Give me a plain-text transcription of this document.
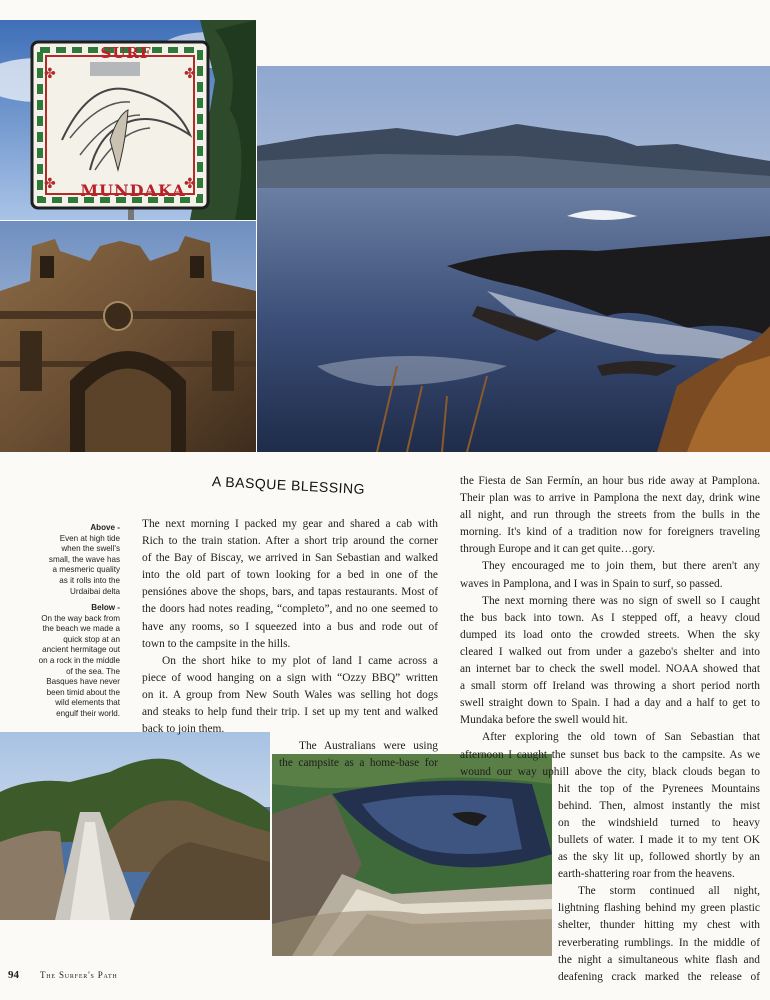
✤	✤
✤	✤
SURF
MUNDAKA
A BASQUE BLESSING
Above -
Even at high tide
when the swell's
small, the wave has
a mesmeric quality
as it rolls into the
Urdaibai delta
Below -
On the way back from
the beach we made a
quick stop at an
ancient hermitage out
on a rock in the middle
of the sea. The
Basques have never
been timid about the
wild elements that
engulf their world.
The next morning I packed my gear and shared a cab with
Rich to the train station. After a short trip around the corner
of the Bay of Biscay, we arrived in San Sebastian and walked
into the old part of town looking for a bed in one of the
pensiónes above the shops, bars, and tapas restaurants. Most of
the doors had notes reading, “completo”, and no one seemed to
have any rooms, so I squeezed into a bus and rode out of
town to the campsite in the hills.
On the short hike to my plot of land I came across a
piece of wood hanging on a sign with “Ozzy BBQ” written
on it. A group from New South Wales was selling hot dogs
and steaks to help fund their trip. I set up my tent and walked
back to join them.
The Australians were using
the campsite as a home-base for
the Fiesta de San Fermín, an hour bus ride away at Pamplona.
Their plan was to arrive in Pamplona the next day, drink wine
all night, and run through the streets from the bulls in the
morning. It's kind of a tradition now for foreigners traveling
through Europe and it can get quite…gory.
They encouraged me to join them, but there aren't any
waves in Pamplona, and I was in Spain to surf, so passed.
The next morning there was no sign of swell so I caught
the bus back into town. As I stepped off, a heavy cloud
dumped its load onto the crowded streets. When the sky
cleared I walked out from under a gazebo's shelter and into
an internet bar to check the swell model. NOAA showed that
a small storm off Ireland was throwing a short period north
swell straight down to Spain. I had a day and a half to get to
Mundaka before the swell would hit.
After exploring the old town of San Sebastian that
afternoon I caught the sunset bus back to the campsite. As we
wound our way uphill above the city, black clouds began to
hit the top of the Pyrenees Mountains
behind. Then, almost instantly the mist
on the windshield turned to heavy
bullets of water. I made it to my tent OK
as the sky lit up, followed shortly by an
earth-shattering roar from the heavens.
The storm continued all night,
lightning flashing behind my green plastic
shelter, thunder hitting my chest with
reverberating rumblings. In the middle of
the night a simultaneous white flash and
deafening crack marked the release of
94 The Surfer's Path
